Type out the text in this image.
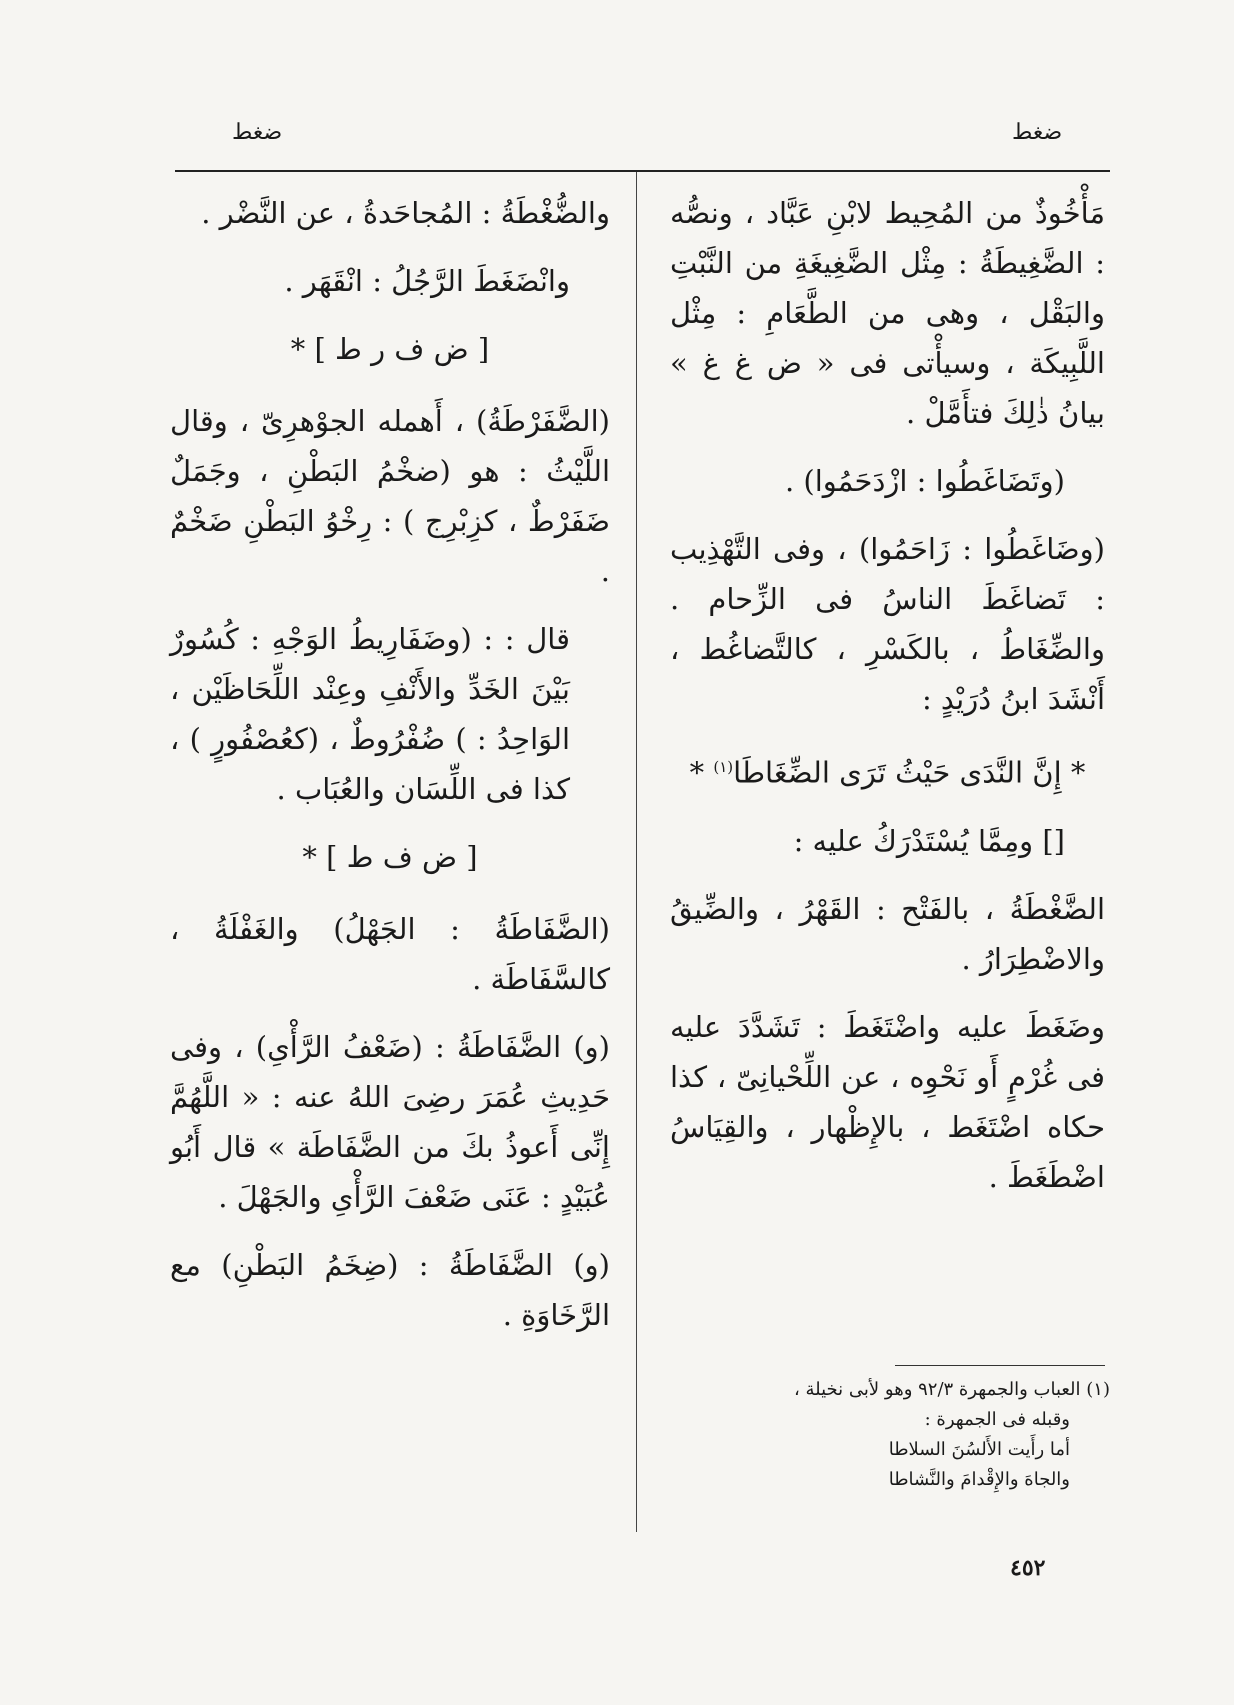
ضغط
ضغط

مَأْخُوذٌ من المُحِيط لابْنِ عَبَّاد ، ونصُّه : الضَّغِيطَةُ : مِثْل الضَّغِيغَةِ من النَّبْتِ والبَقْل ، وهى من الطَّعَامِ : مِثْل اللَّبِيكَة ، وسيأْتى فى « ض غ غ » بيانُ ذٰلِكَ فتأَمَّلْ .

(وتَضَاغَطُوا : ازْدَحَمُوا) .

(وضَاغَطُوا : زَاحَمُوا) ، وفى التَّهْذِيب : تَضاغَطَ الناسُ فى الزِّحام . والضِّغَاطُ ، بالكَسْرِ ، كالتَّضاغُط ، أَنْشَدَ ابنُ دُرَيْدٍ :

* إِنَّ النَّدَى حَيْثُ تَرَى الضِّغَاطَا$^{(١)}$ *

[] ومِمَّا يُسْتَدْرَكُ عليه :

الضَّغْطَةُ ، بالفَتْح : القَهْرُ ، والضِّيقُ والاضْطِرَارُ .

وضَغَطَ عليه واضْتَغَطَ : تَشَدَّدَ عليه فى غُرْمٍ أَو نَحْوِه ، عن اللِّحْيانِىّ ، كذا حكاه اضْتَغَط ، بالإِظْهار ، والقِيَاسُ اضْطَغَطَ .

(١) العباب والجمهرة ٩٢/٣ وهو لأبى نخيلة ،
وقبله فى الجمهرة :
أما رأَيت الأَلسُنَ السلاطا
والجاهَ والإِقْدامَ والنَّشاطا

والضُّغْطَةُ : المُجاحَدةُ ، عن النَّضْر .

وانْضَغَطَ الرَّجُلُ : انْقَهَر .

[ ض ف ر ط ] *

(الضَّفَرْطَةُ) ، أَهمله الجوْهرِىّ ، وقال اللَّيْثُ : هو (ضخْمُ البَطْنِ ، وجَمَلٌ ضَفَرْطٌ ، كزِبْرِج ) : رِخْوُ البَطْنِ ضَخْمٌ .

قال : : (وضَفَارِيطُ الوَجْهِ : كُسُورٌ بَيْنَ الخَدِّ والأَنْفِ وعِنْد اللِّحَاظَيْن ، الوَاحِدُ : ) ضُفْرُوطٌ ، (كعُصْفُورٍ ) ، كذا فى اللِّسَان والعُبَاب .

[ ض ف ط ] *

(الضَّفَاطَةُ : الجَهْلُ) والغَفْلَةُ ، كالسَّفَاطَة .

(و) الضَّفَاطَةُ : (ضَعْفُ الرَّأْىِ) ، وفى حَدِيثِ عُمَرَ رضِىَ اللهُ عنه : « اللَّهُمَّ إِنِّى أَعوذُ بكَ من الضَّفَاطَة » قال أَبُو عُبَيْدٍ : عَنَى ضَعْفَ الرَّأْىِ والجَهْلَ .

(و) الضَّفَاطَةُ : (ضِخَمُ البَطْنِ) مع الرَّخَاوَةِ .

٤٥٢
